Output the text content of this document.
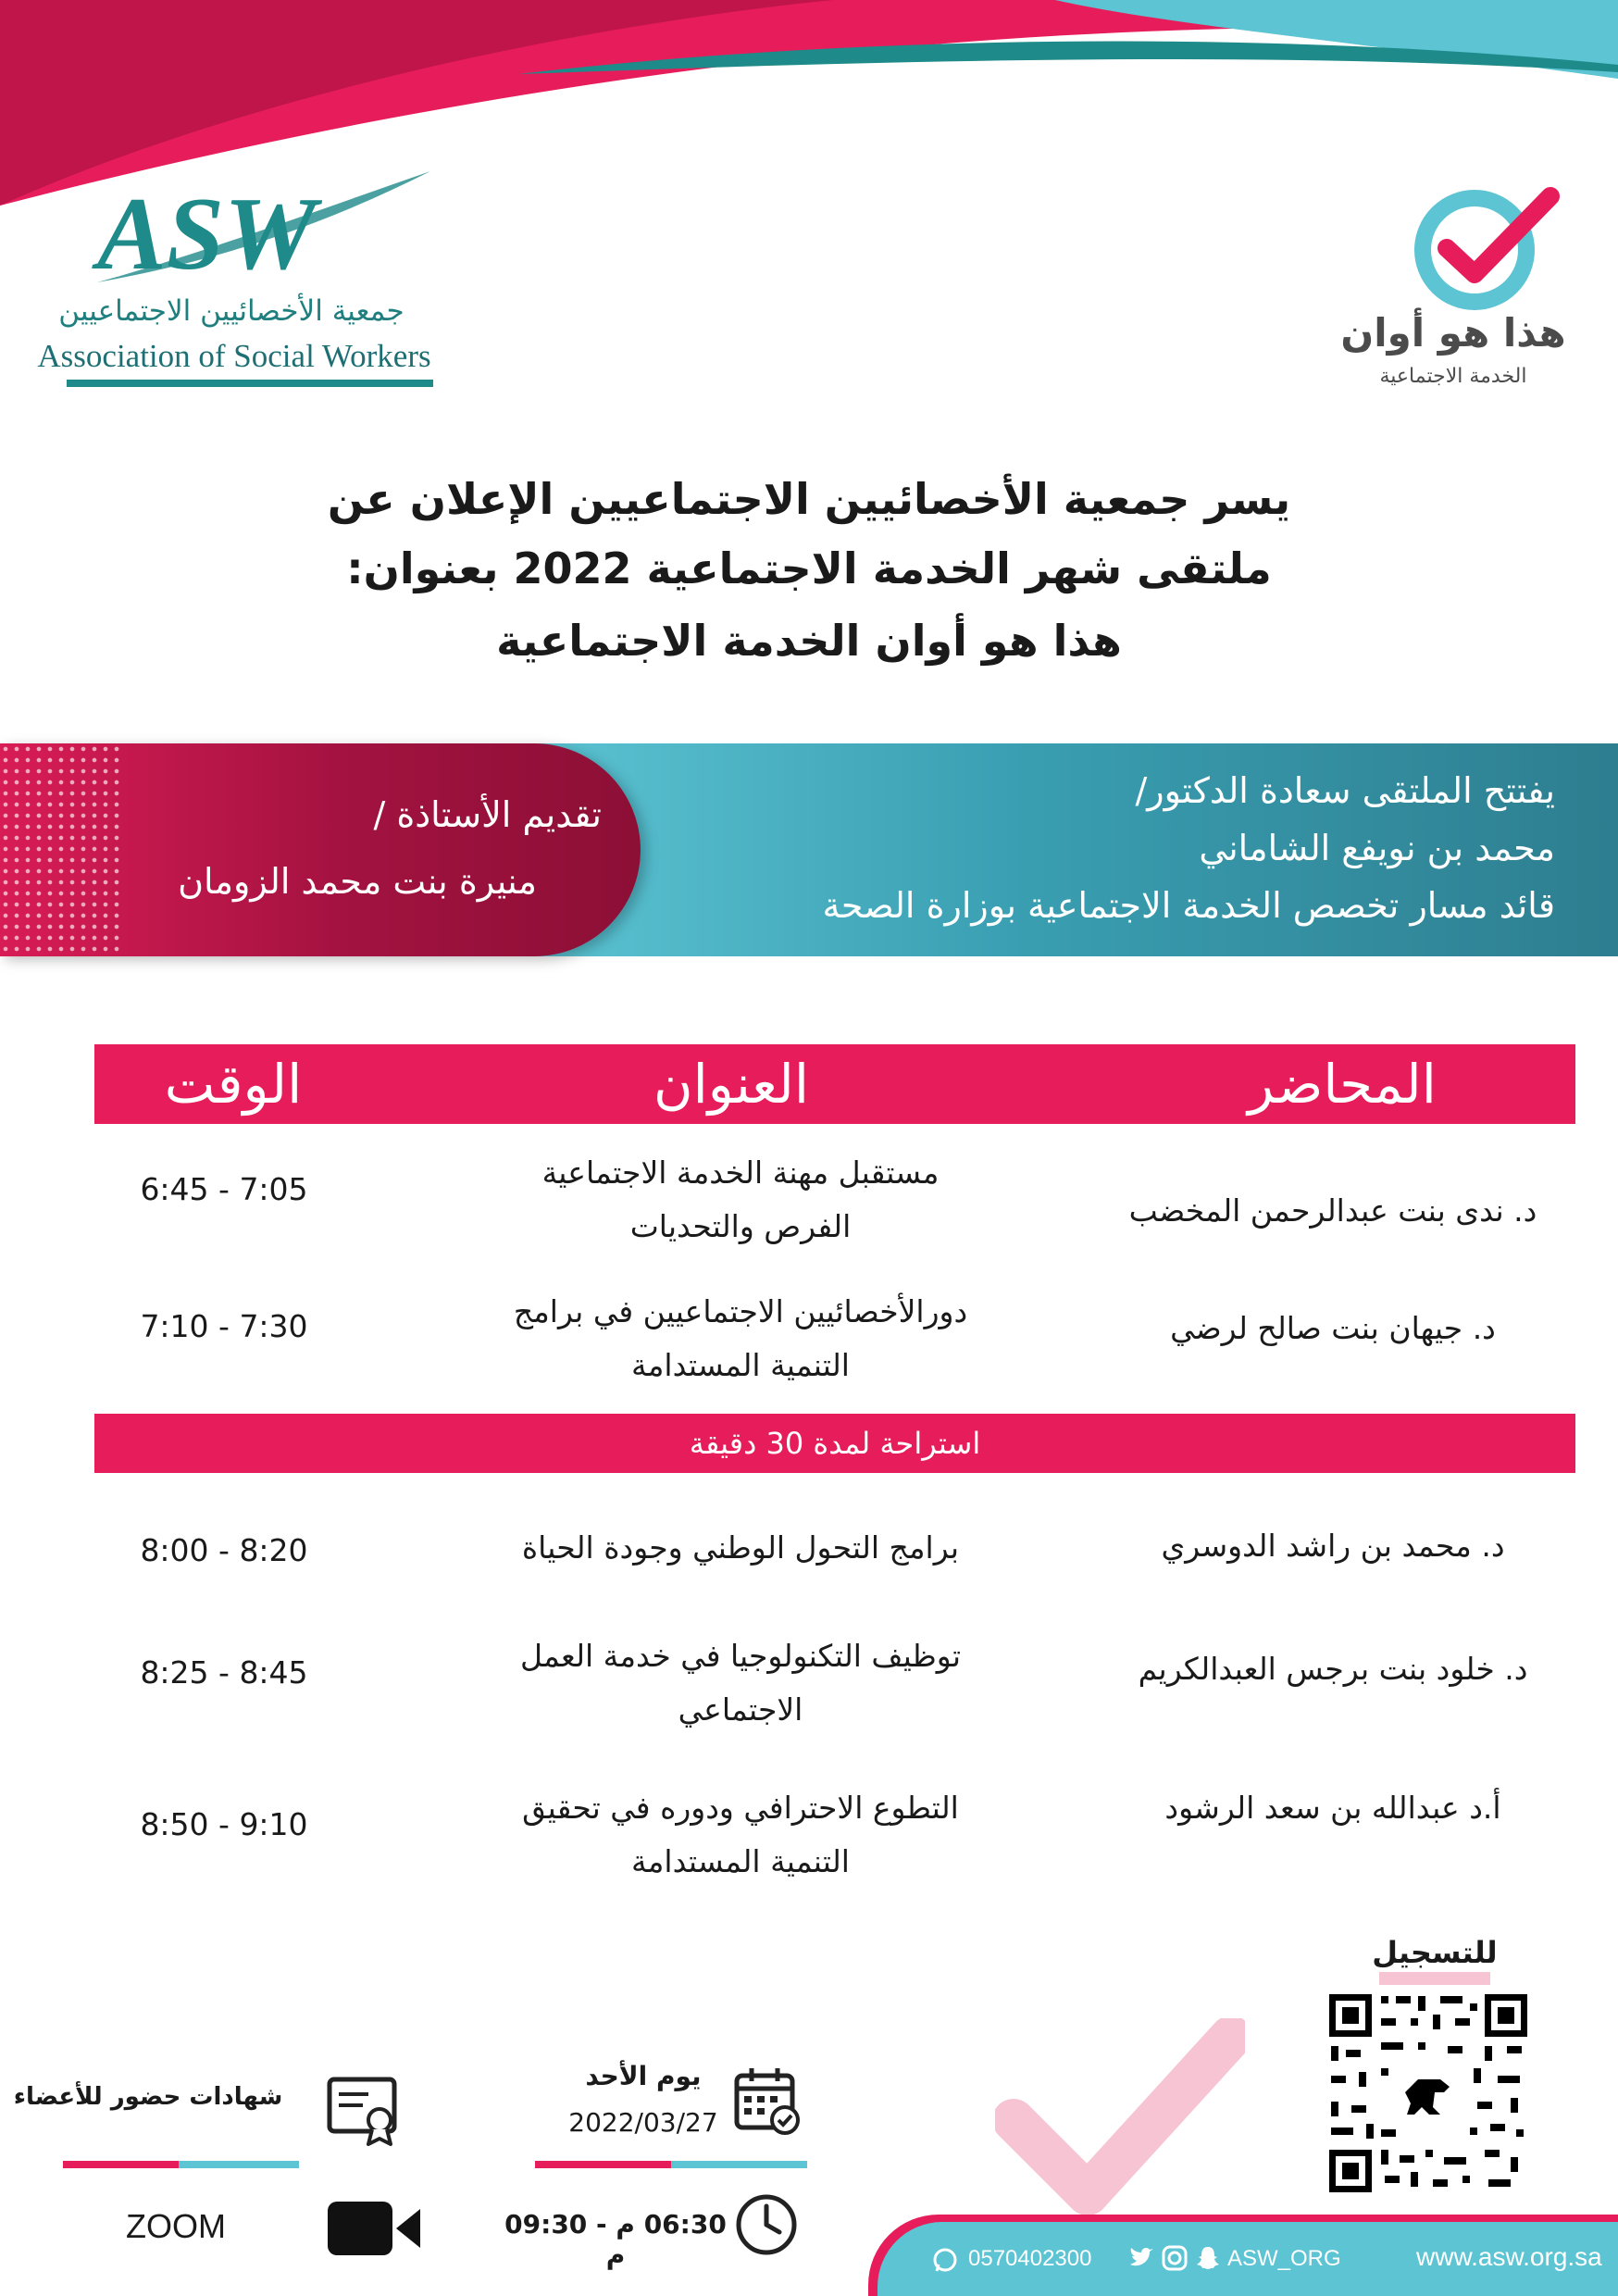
ASW
جمعية الأخصائيين الاجتماعيين
Association of Social Workers
هذا هو أوان
الخدمة الاجتماعية
يسر جمعية الأخصائيين الاجتماعيين الإعلان عن
ملتقى شهر الخدمة الاجتماعية 2022 بعنوان:
هذا هو أوان الخدمة الاجتماعية
يفتتح الملتقى سعادة الدكتور/
محمد بن نويفع الشاماني
قائد مسار تخصص الخدمة الاجتماعية بوزارة الصحة
تقديم الأستاذة /
منيرة بنت محمد الزومان
المحاضر
العنوان
الوقت
د. ندى بنت عبدالرحمن المخضب
مستقبل مهنة الخدمة الاجتماعية
الفرص والتحديات
7:05 - 6:45
د. جيهان بنت صالح لرضي
دورالأخصائيين الاجتماعيين في برامج
التنمية المستدامة
7:30 - 7:10
استراحة لمدة 30 دقيقة
د. محمد بن راشد الدوسري
برامج التحول الوطني وجودة الحياة
8:20 - 8:00
د. خلود بنت برجس العبدالكريم
توظيف التكنولوجيا في خدمة العمل
الاجتماعي
8:45 - 8:25
أ.د عبدالله بن سعد الرشود
التطوع الاحترافي ودوره في تحقيق
التنمية المستدامة
9:10 - 8:50
للتسجيل
يوم الأحد
2022/03/27
06:30 م - 09:30 م
شهادات حضور للأعضاء
ZOOM
0570402300	ASW_ORG	www.asw.org.sa
